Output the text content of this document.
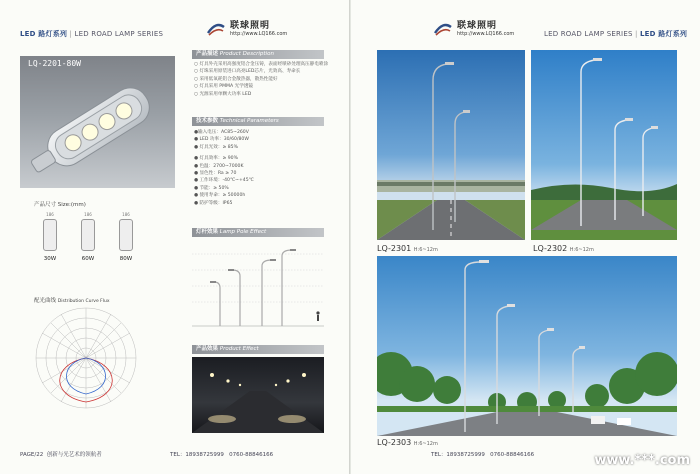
LED 路灯系列 | LED ROAD LAMP SERIES
联球照明
http://www.LQ166.com
LQ-2201-80W
产品尺寸 Size:(mm)
186
30W
186
60W
186
80W
配光曲线 Distribution Curve Flux
产品描述 Product Description
○ 灯具外壳采用高强度铝合金压铸，表面经喷砂处理高压静电喷涂
○ 灯珠采用原装进口高亮LED芯片，光效高、寿命长
○ 采用低氧耗铝合金散热器，散热性能好
○ 灯具采用 PMMA 光学透镜
○ 光源采用单颗大功率 LED
技术参数 Technical Parameters
●输入电压：AC85~260V
● LED 功率：30/60/80W
● 灯具光效：≥ 85%
● 灯具效率：≥ 90%
● 色温：2700~7000K
● 显色性：Ra ≥ 70
● 工作环境：-40℃~+45℃
● 节能：≥ 50%
● 使用寿命：≥ 50000h
● 防护等级：IP65
灯杆效果 Lamp Pole Effect
产品效果 Product Effect
PAGE/22 创新与光艺术的领航者
联球照明
http://www.LQ166.com	LED ROAD LAMP SERIES | LED 路灯系列
LQ-2301 H:6~12m	LQ-2302 H:6~12m
LQ-2303 H:6~12m
TEL：18938725999 0760-88846166	www.***.com
TEL：18938725999 0760-88846166
